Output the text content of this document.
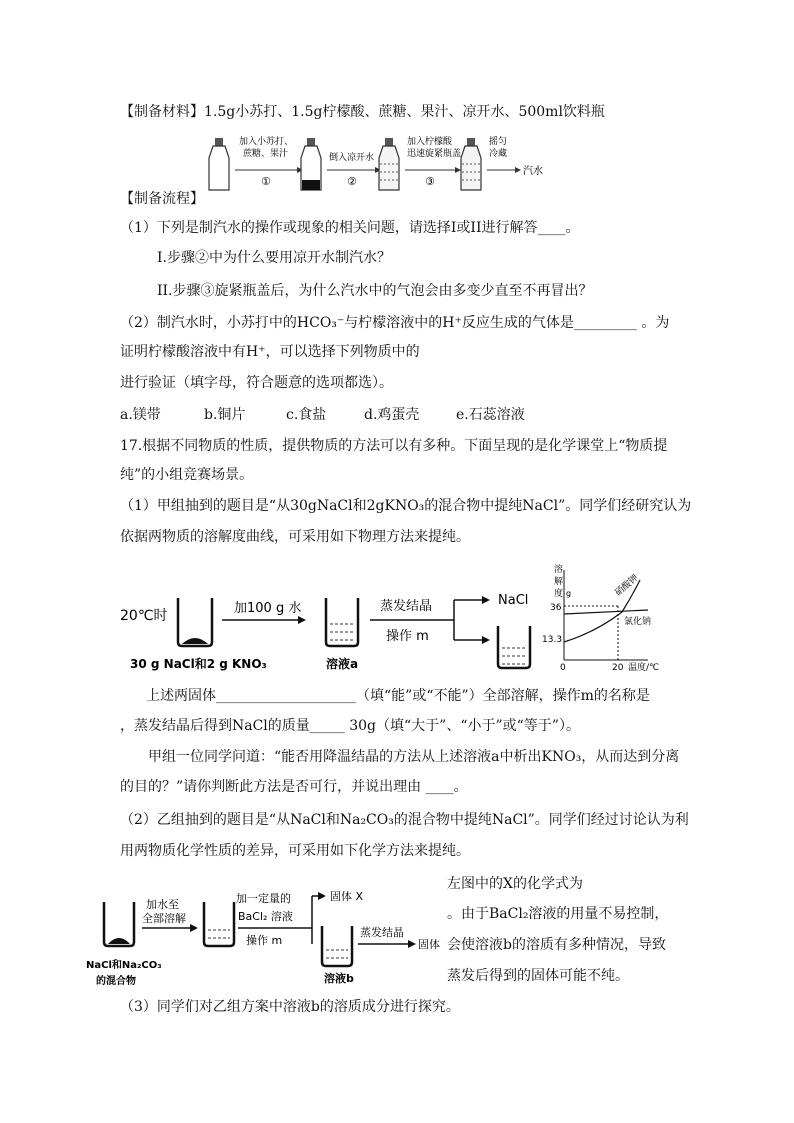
【制备材料】1.5g小苏打、1.5g柠檬酸、蔗糖、果汁、凉开水、500ml饮料瓶
加入小苏打、
蔗糖、果汁
①
倒入凉开水
②
加入柠檬酸
迅速旋紧瓶盖
③
摇匀
冷藏
汽水
【制备流程】
（1）下列是制汽水的操作或现象的相关问题，请选择I或II进行解答____。
I.步骤②中为什么要用凉开水制汽水？
II.步骤③旋紧瓶盖后，为什么汽水中的气泡会由多变少直至不再冒出？
（2）制汽水时，小苏打中的HCO₃⁻与柠檬溶液中的H⁺反应生成的气体是_________ 。为
证明柠檬酸溶液中有H⁺，可以选择下列物质中的
进行验证（填字母，符合题意的选项都选）。
a.镁带	b.铜片	c.食盐	d.鸡蛋壳	e.石蕊溶液
17.根据不同物质的性质，提供物质的方法可以有多种。下面呈现的是化学课堂上“物质提
纯”的小组竞赛场景。
（1）甲组抽到的题目是“从30gNaCl和2gKNO₃的混合物中提纯NaCl”。同学们经研究认为
依据两物质的溶解度曲线，可采用如下物理方法来提纯。
20℃时	加100 g 水
30 g NaCl和2 g KNO₃	溶液a
蒸发结晶
操作 m
NaCl
溶
解
度 g	硝酸钾
氯化钠
36
13.3
0	20 温度/℃
上述两固体____________________（填“能”或“不能”）全部溶解，操作m的名称是
，蒸发结晶后得到NaCl的质量_____ 30g（填“大于”、“小于”或“等于”）。
甲组一位同学问道：“能否用降温结晶的方法从上述溶液a中析出KNO₃，从而达到分离
的目的？”请你判断此方法是否可行，并说出理由 ____。
（2）乙组抽到的题目是“从NaCl和Na₂CO₃的混合物中提纯NaCl”。同学们经过讨论认为利
用两物质化学性质的差异，可采用如下化学方法来提纯。
加水至
全部溶解
NaCl和Na₂CO₃
的混合物
加一定量的
BaCl₂ 溶液
操作 m
固体 X
溶液b
蒸发结晶
固体
左图中的X的化学式为
。由于BaCl₂溶液的用量不易控制，
会使溶液b的溶质有多种情况，导致
蒸发后得到的固体可能不纯。
（3）同学们对乙组方案中溶液b的溶质成分进行探究。
